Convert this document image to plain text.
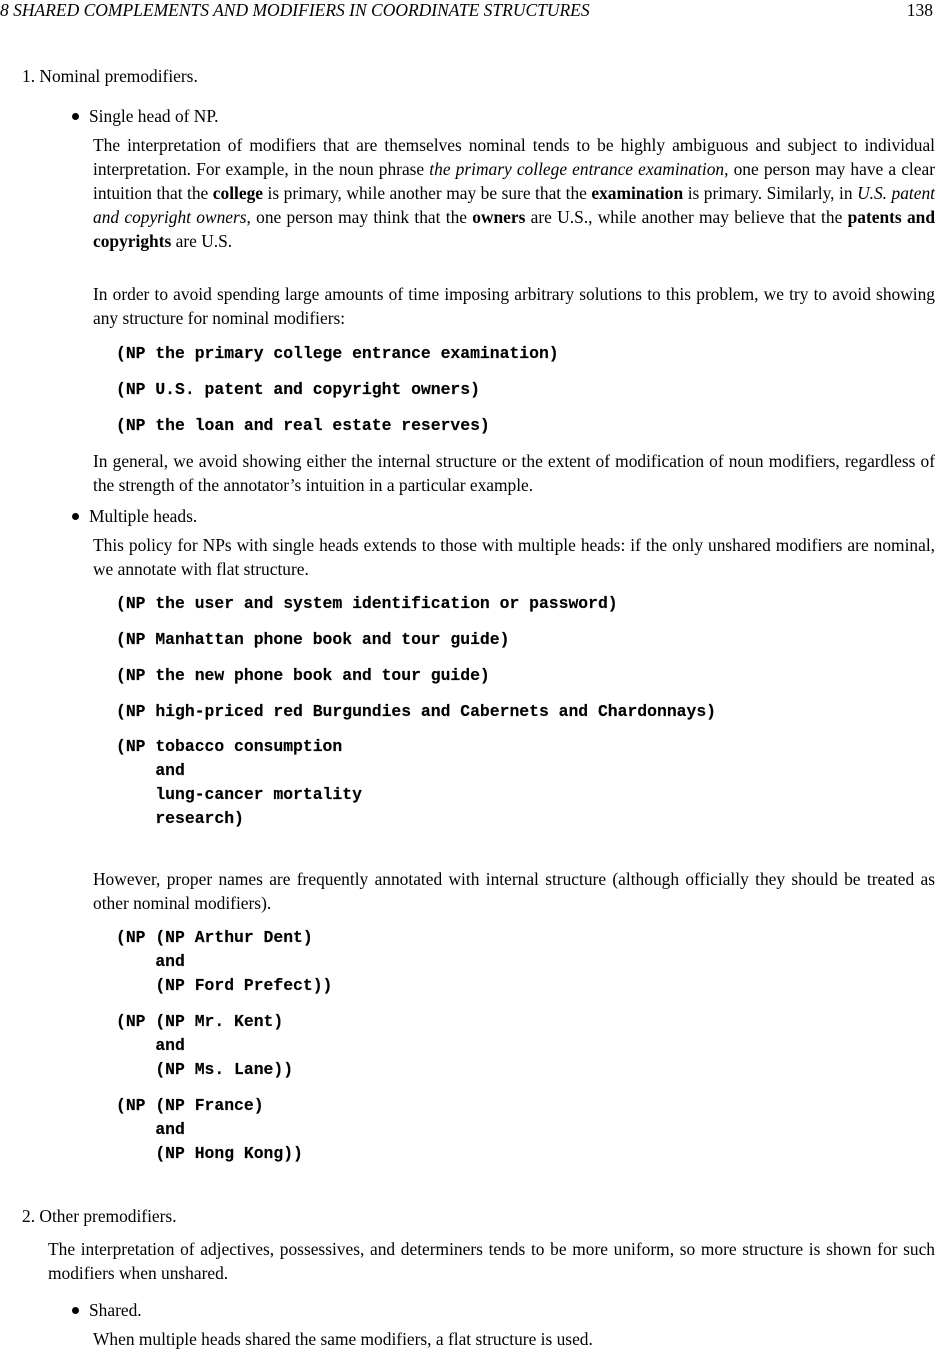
8 SHARED COMPLEMENTS AND MODIFIERS IN COORDINATE STRUCTURES	138
1. Nominal premodifiers.
Single head of NP.
The interpretation of modifiers that are themselves nominal tends to be highly ambiguous and subject to individual interpretation. For example, in the noun phrase the primary college entrance examination, one person may have a clear intuition that the college is primary, while another may be sure that the examination is primary. Similarly, in U.S. patent and copyright owners, one person may think that the owners are U.S., while another may believe that the patents and copyrights are U.S.
In order to avoid spending large amounts of time imposing arbitrary solutions to this problem, we try to avoid showing any structure for nominal modifiers:
(NP the primary college entrance examination)
(NP U.S. patent and copyright owners)
(NP the loan and real estate reserves)
In general, we avoid showing either the internal structure or the extent of modification of noun modifiers, regardless of the strength of the annotator’s intuition in a particular example.
Multiple heads.
This policy for NPs with single heads extends to those with multiple heads: if the only unshared modifiers are nominal, we annotate with flat structure.
(NP the user and system identification or password)
(NP Manhattan phone book and tour guide)
(NP the new phone book and tour guide)
(NP high-priced red Burgundies and Cabernets and Chardonnays)
(NP tobacco consumption
and
lung-cancer mortality
research)
However, proper names are frequently annotated with internal structure (although officially they should be treated as other nominal modifiers).
(NP (NP Arthur Dent)
and
(NP Ford Prefect))
(NP (NP Mr. Kent)
and
(NP Ms. Lane))
(NP (NP France)
and
(NP Hong Kong))
2. Other premodifiers.
The interpretation of adjectives, possessives, and determiners tends to be more uniform, so more structure is shown for such modifiers when unshared.
Shared.
When multiple heads shared the same modifiers, a flat structure is used.
